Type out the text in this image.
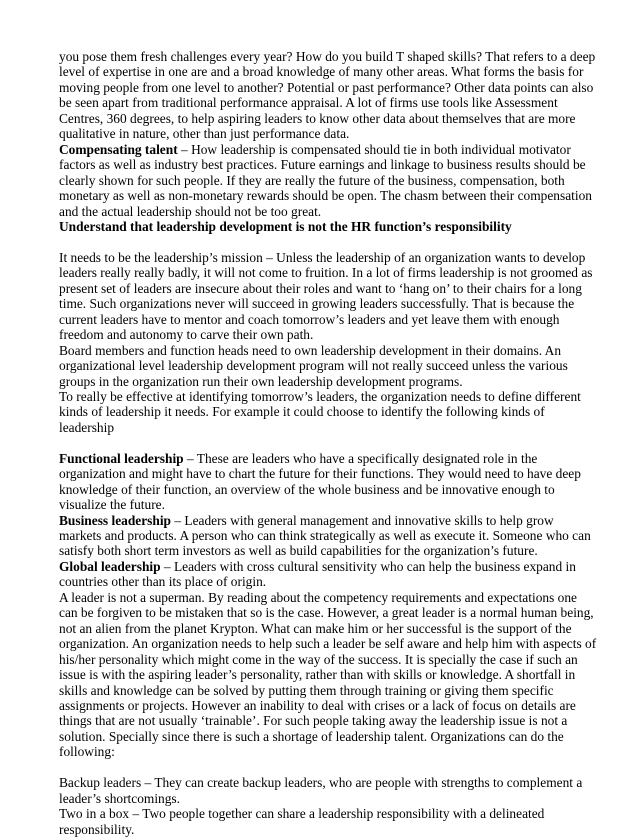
you pose them fresh challenges every year? How do you build T shaped skills? That refers to a deep level of expertise in one are and a broad knowledge of many other areas. What forms the basis for moving people from one level to another? Potential or past performance? Other data points can also be seen apart from traditional performance appraisal. A lot of firms use tools like Assessment Centres, 360 degrees, to help aspiring leaders to know other data about themselves that are more qualitative in nature, other than just performance data.

Compensating talent – How leadership is compensated should tie in both individual motivator factors as well as industry best practices. Future earnings and linkage to business results should be clearly shown for such people. If they are really the future of the business, compensation, both monetary as well as non-monetary rewards should be open. The chasm between their compensation and the actual leadership should not be too great.

Understand that leadership development is not the HR function’s responsibility

It needs to be the leadership’s mission – Unless the leadership of an organization wants to develop leaders really really badly, it will not come to fruition. In a lot of firms leadership is not groomed as present set of leaders are insecure about their roles and want to ‘hang on’ to their chairs for a long time. Such organizations never will succeed in growing leaders successfully. That is because the current leaders have to mentor and coach tomorrow’s leaders and yet leave them with enough freedom and autonomy to carve their own path.

Board members and function heads need to own leadership development in their domains. An organizational level leadership development program will not really succeed unless the various groups in the organization run their own leadership development programs.

To really be effective at identifying tomorrow’s leaders, the organization needs to define different kinds of leadership it needs. For example it could choose to identify the following kinds of leadership

Functional leadership – These are leaders who have a specifically designated role in the organization and might have to chart the future for their functions. They would need to have deep knowledge of their function, an overview of the whole business and be innovative enough to visualize the future.

Business leadership – Leaders with general management and innovative skills to help grow markets and products. A person who can think strategically as well as execute it. Someone who can satisfy both short term investors as well as build capabilities for the organization’s future.

Global leadership – Leaders with cross cultural sensitivity who can help the business expand in countries other than its place of origin.

A leader is not a superman. By reading about the competency requirements and expectations one can be forgiven to be mistaken that so is the case. However, a great leader is a normal human being, not an alien from the planet Krypton. What can make him or her successful is the support of the organization. An organization needs to help such a leader be self aware and help him with aspects of his/her personality which might come in the way of the success. It is specially the case if such an issue is with the aspiring leader’s personality, rather than with skills or knowledge. A shortfall in skills and knowledge can be solved by putting them through training or giving them specific assignments or projects. However an inability to deal with crises or a lack of focus on details are things that are not usually ‘trainable’. For such people taking away the leadership issue is not a solution. Specially since there is such a shortage of leadership talent. Organizations can do the following:

Backup leaders – They can create backup leaders, who are people with strengths to complement a leader’s shortcomings.

Two in a box – Two people together can share a leadership responsibility with a delineated responsibility.
